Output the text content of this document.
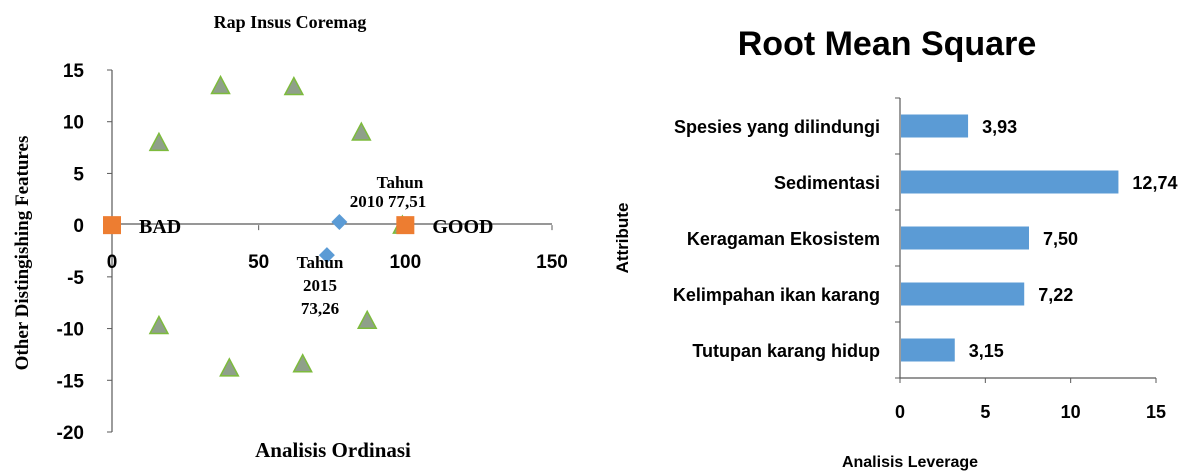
Rap Insus Coremag
Other Distingishing Features
Analisis Ordinasi
15
10
5
0
-5
-10
-15
-20
0	50	100	150
BAD	GOOD
Tahun
2010 77,51
Tahun
2015
73,26
Root Mean Square
Attribute
Analisis Leverage
0	5	10	15
Spesies yang dilindungi	3,93
Sedimentasi	12,74
Keragaman Ekosistem	7,50
Kelimpahan ikan karang	7,22
Tutupan karang hidup	3,15
